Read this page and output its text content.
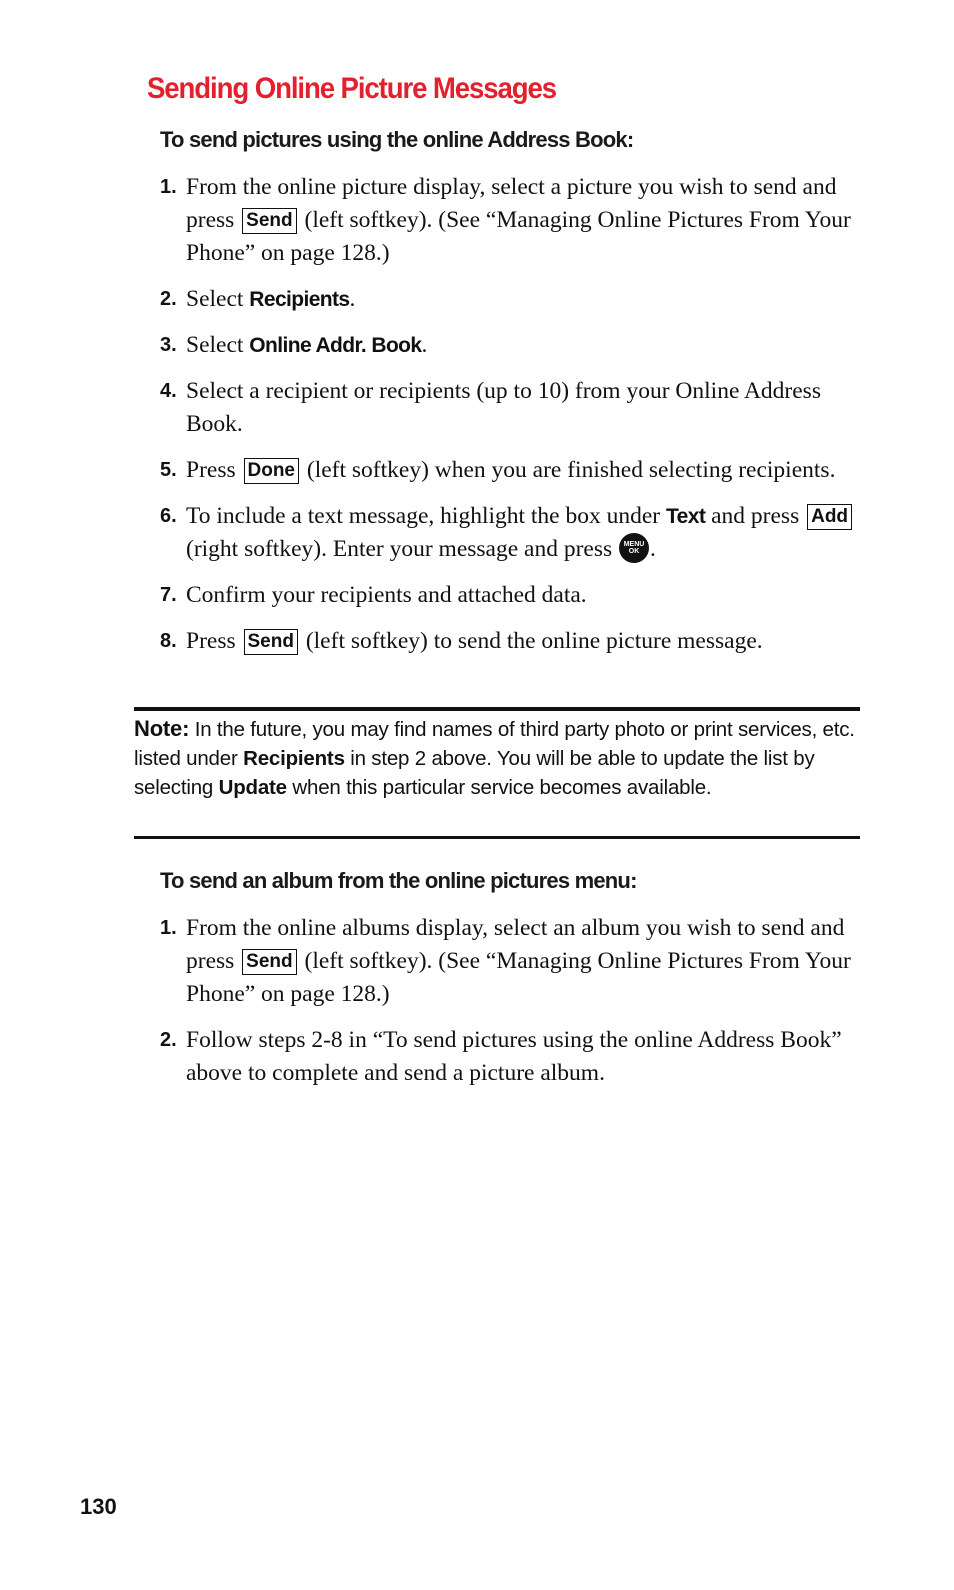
Sending Online Picture Messages
To send pictures using the online Address Book:
1. From the online picture display, select a picture you wish to send and press Send (left softkey). (See “Managing Online Pictures From Your Phone” on page 128.)
2. Select Recipients.
3. Select Online Addr. Book.
4. Select a recipient or recipients (up to 10) from your Online Address Book.
5. Press Done (left softkey) when you are finished selecting recipients.
6. To include a text message, highlight the box under Text and press Add (right softkey). Enter your message and press MENU
OK .
7. Confirm your recipients and attached data.
8. Press Send (left softkey) to send the online picture message.
Note: In the future, you may find names of third party photo or print services, etc. listed under Recipients in step 2 above. You will be able to update the list by selecting Update when this particular service becomes available.
To send an album from the online pictures menu:
1. From the online albums display, select an album you wish to send and press Send (left softkey). (See “Managing Online Pictures From Your Phone” on page 128.)
2. Follow steps 2-8 in “To send pictures using the online Address Book” above to complete and send a picture album.
130
